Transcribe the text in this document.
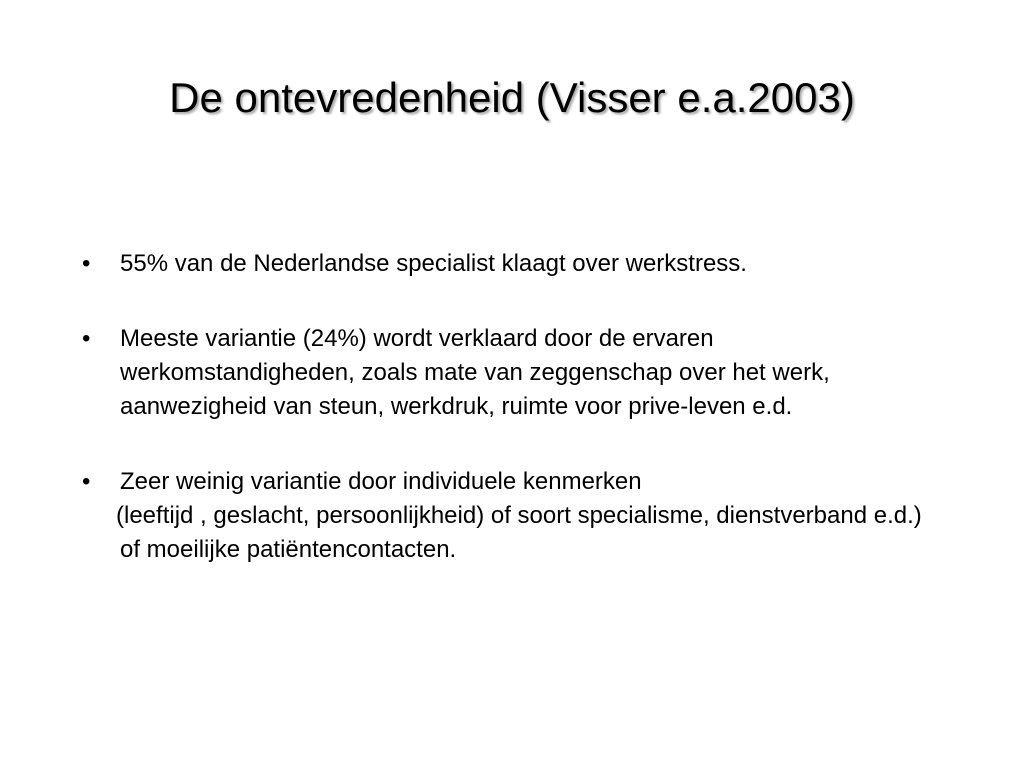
De ontevredenheid (Visser e.a.2003)
•	55% van de Nederlandse specialist klaagt over werkstress.
•	Meeste variantie (24%) wordt verklaard door de ervaren werkomstandigheden, zoals mate van zeggenschap over het werk, aanwezigheid van steun, werkdruk, ruimte voor prive-leven e.d.
•	Zeer weinig variantie door individuele kenmerken
(leeftijd , geslacht, persoonlijkheid) of soort specialisme, dienstverband e.d.) of moeilijke patiëntencontacten.
